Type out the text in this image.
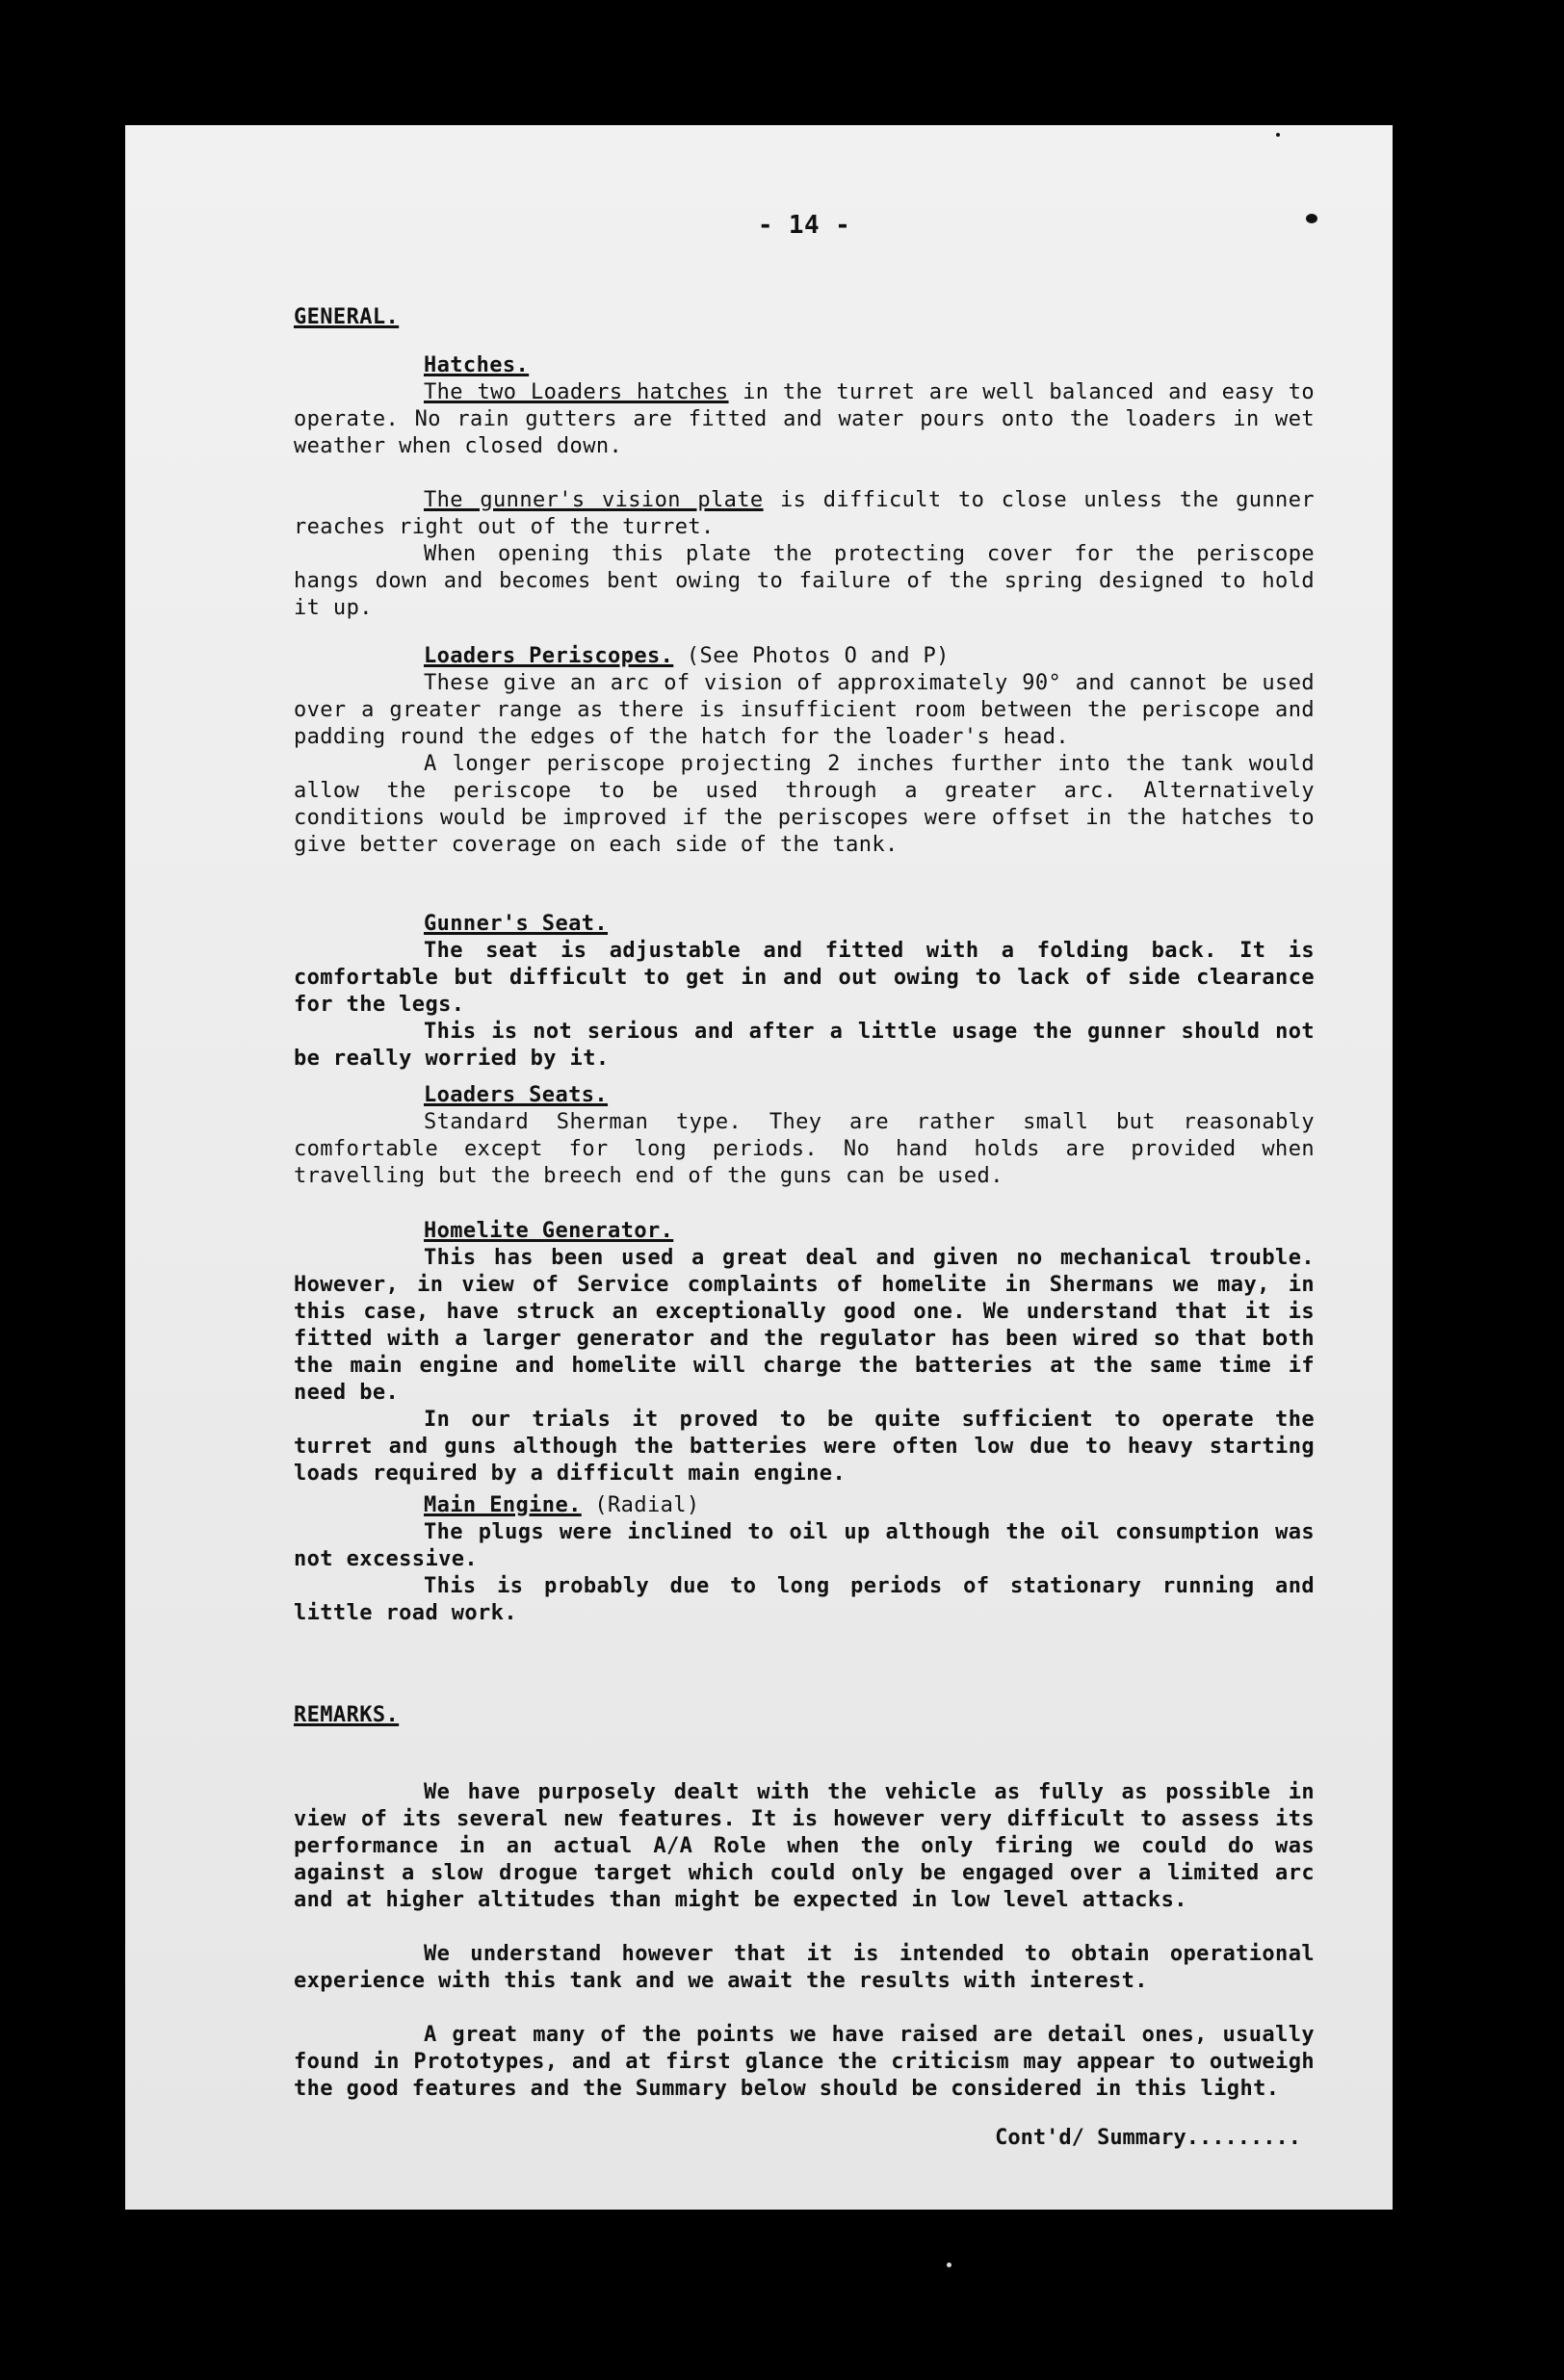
- 14 -
GENERAL.
Hatches.

The two Loaders hatches in the turret are well balanced and easy to operate. No rain gutters are fitted and water pours onto the loaders in wet weather when closed down.

The gunner's vision plate is difficult to close unless the gunner reaches right out of the turret.

When opening this plate the protecting cover for the periscope hangs down and becomes bent owing to failure of the spring designed to hold it up.

Loaders Periscopes. (See Photos O and P)

These give an arc of vision of approximately 90° and cannot be used over a greater range as there is insufficient room between the periscope and padding round the edges of the hatch for the loader's head.

A longer periscope projecting 2 inches further into the tank would allow the periscope to be used through a greater arc. Alternatively conditions would be improved if the periscopes were offset in the hatches to give better coverage on each side of the tank.

Gunner's Seat.

The seat is adjustable and fitted with a folding back. It is comfortable but difficult to get in and out owing to lack of side clearance for the legs.

This is not serious and after a little usage the gunner should not be really worried by it.

Loaders Seats.

Standard Sherman type. They are rather small but reasonably comfortable except for long periods. No hand holds are provided when travelling but the breech end of the guns can be used.

Homelite Generator.

This has been used a great deal and given no mechanical trouble. However, in view of Service complaints of homelite in Shermans we may, in this case, have struck an exceptionally good one. We understand that it is fitted with a larger generator and the regulator has been wired so that both the main engine and homelite will charge the batteries at the same time if need be.

In our trials it proved to be quite sufficient to operate the turret and guns although the batteries were often low due to heavy starting loads required by a difficult main engine.

Main Engine. (Radial)

The plugs were inclined to oil up although the oil consumption was not excessive.

This is probably due to long periods of stationary running and little road work.

REMARKS.

We have purposely dealt with the vehicle as fully as possible in view of its several new features. It is however very difficult to assess its performance in an actual A/A Role when the only firing we could do was against a slow drogue target which could only be engaged over a limited arc and at higher altitudes than might be expected in low level attacks.

We understand however that it is intended to obtain operational experience with this tank and we await the results with interest.

A great many of the points we have raised are detail ones, usually found in Prototypes, and at first glance the criticism may appear to outweigh the good features and the Summary below should be considered in this light.

Cont'd/ Summary.........
